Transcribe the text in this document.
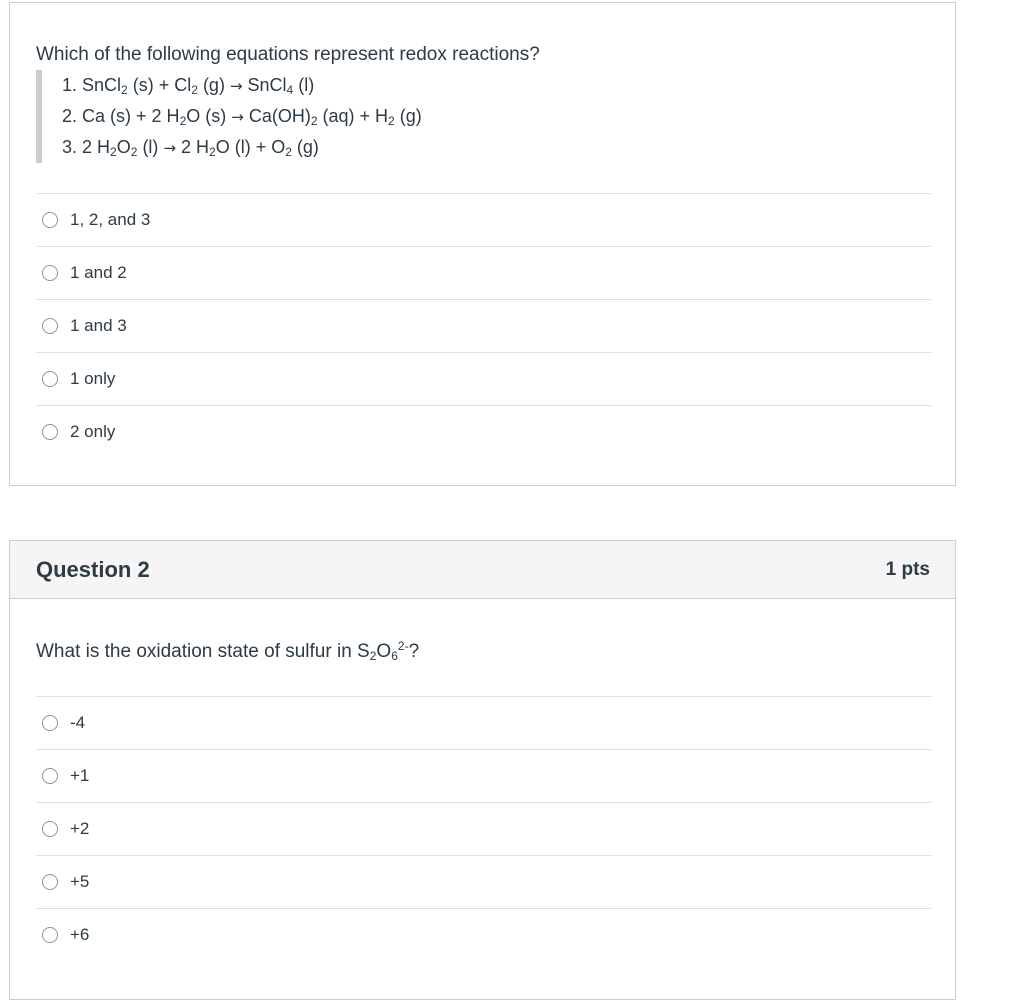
Which of the following equations represent redox reactions?
1. SnCl$_2$ $(s) + Cl_2$ (g) → SnCl$_4$ (l)
2. Ca (s) + 2 $H_2O$ $(s) \to Ca(OH)_2$ $(aq) + H_2$ (g)
3. 2 $H_2O_2$ (l) → 2 $H_2O$ $(l) + O_2$ (g)
1, 2, and 3
1 and 2
1 and 3
1 only
2 only
Question 2	1 pts
What is the oxidation state of sulfur in $S_2O_6^{2-}$?
-4
+1
+2
+5
+6
